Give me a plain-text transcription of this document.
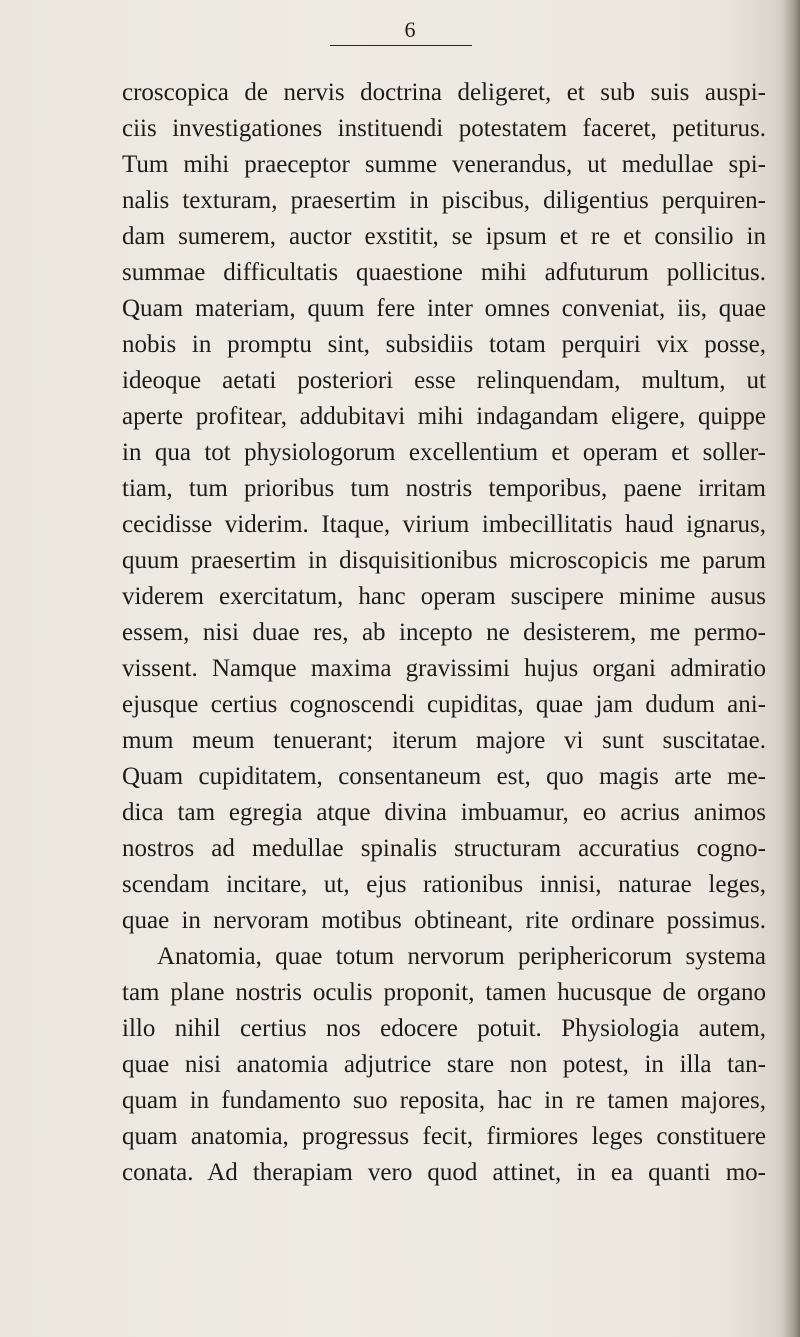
6
croscopica de nervis doctrina deligeret, et sub suis auspi-
ciis investigationes instituendi potestatem faceret, petiturus.
Tum mihi praeceptor summe venerandus, ut medullae spi-
nalis texturam, praesertim in piscibus, diligentius perquiren-
dam sumerem, auctor exstitit, se ipsum et re et consilio in
summae difficultatis quaestione mihi adfuturum pollicitus.
Quam materiam, quum fere inter omnes conveniat, iis, quae
nobis in promptu sint, subsidiis totam perquiri vix posse,
ideoque aetati posteriori esse relinquendam, multum, ut
aperte profitear, addubitavi mihi indagandam eligere, quippe
in qua tot physiologorum excellentium et operam et soller-
tiam, tum prioribus tum nostris temporibus, paene irritam
cecidisse viderim. Itaque, virium imbecillitatis haud ignarus,
quum praesertim in disquisitionibus microscopicis me parum
viderem exercitatum, hanc operam suscipere minime ausus
essem, nisi duae res, ab incepto ne desisterem, me permo-
vissent. Namque maxima gravissimi hujus organi admiratio
ejusque certius cognoscendi cupiditas, quae jam dudum ani-
mum meum tenuerant; iterum majore vi sunt suscitatae.
Quam cupiditatem, consentaneum est, quo magis arte me-
dica tam egregia atque divina imbuamur, eo acrius animos
nostros ad medullae spinalis structuram accuratius cogno-
scendam incitare, ut, ejus rationibus innisi, naturae leges,
quae in nervoram motibus obtineant, rite ordinare possimus.
Anatomia, quae totum nervorum periphericorum systema
tam plane nostris oculis proponit, tamen hucusque de organo
illo nihil certius nos edocere potuit. Physiologia autem,
quae nisi anatomia adjutrice stare non potest, in illa tan-
quam in fundamento suo reposita, hac in re tamen majores,
quam anatomia, progressus fecit, firmiores leges constituere
conata. Ad therapiam vero quod attinet, in ea quanti mo-
